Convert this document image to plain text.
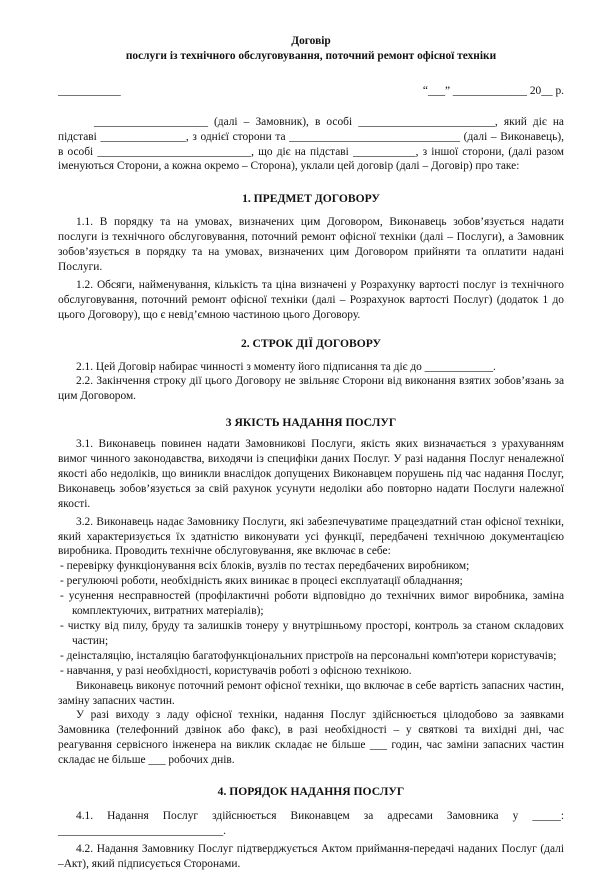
Договір

послуги із технічного обслуговування, поточний ремонт офісної техніки

___________	“___” _____________ 20__ р.

____________________ (далі – Замовник), в особі ________________________, який діє на підставі _______________, з однієї сторони та ______________________________ (далі – Виконавець), в особі ___________________________, що діє на підставі ___________, з іншої сторони, (далі разом іменуються Сторони, а кожна окремо – Сторона), уклали цей договір (далі – Договір) про таке:

1. ПРЕДМЕТ ДОГОВОРУ

1.1. В порядку та на умовах, визначених цим Договором, Виконавець зобов’язується надати послуги із технічного обслуговування, поточний ремонт офісної техніки (далі – Послуги), а Замовник зобов’язується в порядку та на умовах, визначених цим Договором прийняти та оплатити надані Послуги.

1.2. Обсяги, найменування, кількість та ціна визначені у Розрахунку вартості послуг із технічного обслуговування, поточний ремонт офісної техніки (далі – Розрахунок вартості Послуг) (додаток 1 до цього Договору), що є невід’ємною частиною цього Договору.

2. СТРОК ДІЇ ДОГОВОРУ

2.1. Цей Договір набирає чинності з моменту його підписання та діє до ____________.

2.2. Закінчення строку дії цього Договору не звільняє Сторони від виконання взятих зобов’язань за цим Договором.

3 ЯКІСТЬ НАДАННЯ ПОСЛУГ

3.1. Виконавець повинен надати Замовникові Послуги, якість яких визначається з урахуванням вимог чинного законодавства, виходячи із специфіки даних Послуг. У разі надання Послуг неналежної якості або недоліків, що виникли внаслідок допущених Виконавцем порушень під час надання Послуг, Виконавець зобов’язується за свій рахунок усунути недоліки або повторно надати Послуги належної якості.

3.2. Виконавець надає Замовнику Послуги, які забезпечуватиме працездатний стан офісної техніки, який характеризується їх здатністю виконувати усі функції, передбачені технічною документацією виробника. Проводить технічне обслуговування, яке включає в себе:

- перевірку функціонування всіх блоків, вузлів по тестах передбачених виробником;

- регулюючі роботи, необхідність яких виникає в процесі експлуатації обладнання;

- усунення несправностей (профілактичні роботи відповідно до технічних вимог виробника, заміна комплектуючих, витратних матеріалів);

- чистку від пилу, бруду та залишків тонеру у внутрішньому просторі, контроль за станом складових частин;

- деінсталяцію, інсталяцію багатофункціональних пристроїв на персональні комп'ютери користувачів;

- навчання, у разі необхідності, користувачів роботі з офісною технікою.

Виконавець виконує поточний ремонт офісної техніки, що включає в себе вартість запасних частин, заміну запасних частин.

У разі виходу з ладу офісної техніки, надання Послуг здійснюється цілодобово за заявками Замовника (телефонний дзвінок або факс), в разі необхідності – у святкові та вихідні дні, час реагування сервісного інженера на виклик складає не більше ___ годин, час заміни запасних частин складає не більше ___ робочих днів.

4. ПОРЯДОК НАДАННЯ ПОСЛУГ

4.1. Надання Послуг здійснюється Виконавцем за адресами Замовника у _____: _____________________________.

4.2. Надання Замовнику Послуг підтверджується Актом приймання-передачі наданих Послуг (далі –Акт), який підписується Сторонами.
